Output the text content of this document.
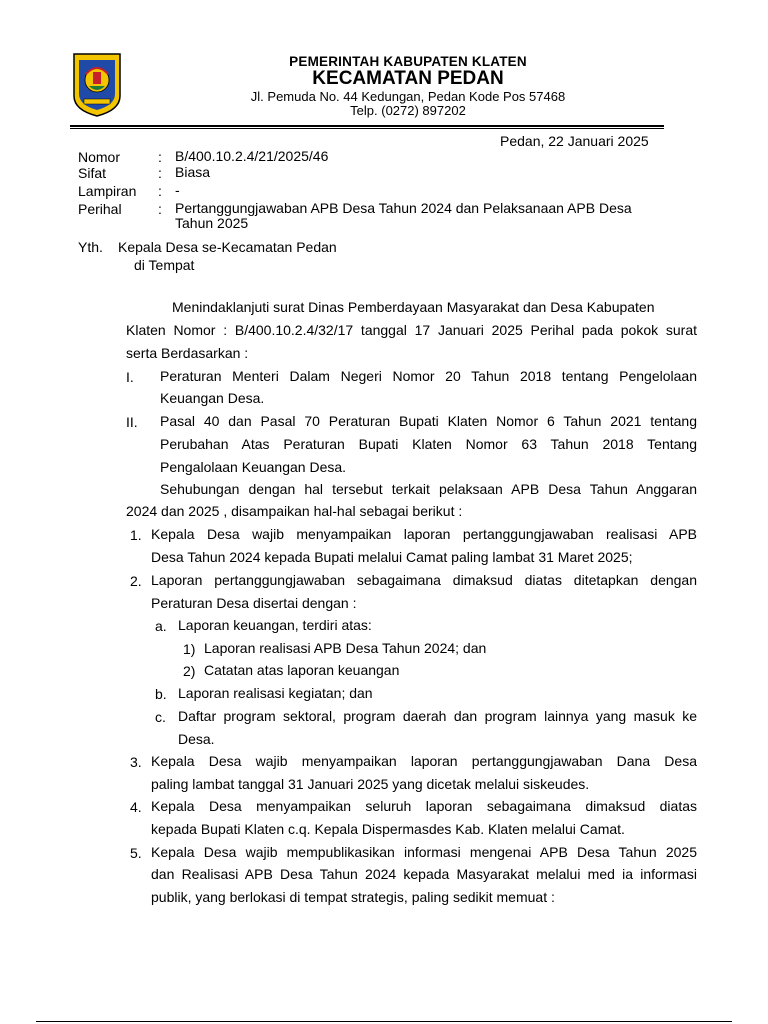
PEMERINTAH KABUPATEN KLATEN
KECAMATAN PEDAN
Jl. Pemuda No. 44 Kedungan, Pedan Kode Pos 57468
Telp. (0272) 897202
Pedan, 22 Januari 2025
Nomor	: B/400.10.2.4/21/2025/46
Sifat	: Biasa
Lampiran : -
Perihal	: Pertanggungjawaban APB Desa Tahun 2024 dan Pelaksanaan APB Desa
Tahun 2025
Yth. Kepala Desa se-Kecamatan Pedan
di Tempat
Menindaklanjuti surat Dinas Pemberdayaan Masyarakat dan Desa Kabupaten
Klaten Nomor : B/400.10.2.4/32/17 tanggal 17 Januari 2025 Perihal pada pokok surat
serta Berdasarkan :
I. Peraturan Menteri Dalam Negeri Nomor 20 Tahun 2018 tentang Pengelolaan
Keuangan Desa.
II. Pasal 40 dan Pasal 70 Peraturan Bupati Klaten Nomor 6 Tahun 2021 tentang
Perubahan Atas Peraturan Bupati Klaten Nomor 63 Tahun 2018 Tentang
Pengalolaan Keuangan Desa.
Sehubungan dengan hal tersebut terkait pelaksaan APB Desa Tahun Anggaran
2024 dan 2025 , disampaikan hal-hal sebagai berikut :
1. Kepala Desa wajib menyampaikan laporan pertanggungjawaban realisasi APB
Desa Tahun 2024 kepada Bupati melalui Camat paling lambat 31 Maret 2025;
2. Laporan pertanggungjawaban sebagaimana dimaksud diatas ditetapkan dengan
Peraturan Desa disertai dengan :
a. Laporan keuangan, terdiri atas:
1) Laporan realisasi APB Desa Tahun 2024; dan
2) Catatan atas laporan keuangan
b. Laporan realisasi kegiatan; dan
c. Daftar program sektoral, program daerah dan program lainnya yang masuk ke
Desa.
3. Kepala Desa wajib menyampaikan laporan pertanggungjawaban Dana Desa
paling lambat tanggal 31 Januari 2025 yang dicetak melalui siskeudes.
4. Kepala Desa menyampaikan seluruh laporan sebagaimana dimaksud diatas
kepada Bupati Klaten c.q. Kepala Dispermasdes Kab. Klaten melalui Camat.
5. Kepala Desa wajib mempublikasikan informasi mengenai APB Desa Tahun 2025
dan Realisasi APB Desa Tahun 2024 kepada Masyarakat melalui med ia informasi
publik, yang berlokasi di tempat strategis, paling sedikit memuat :
